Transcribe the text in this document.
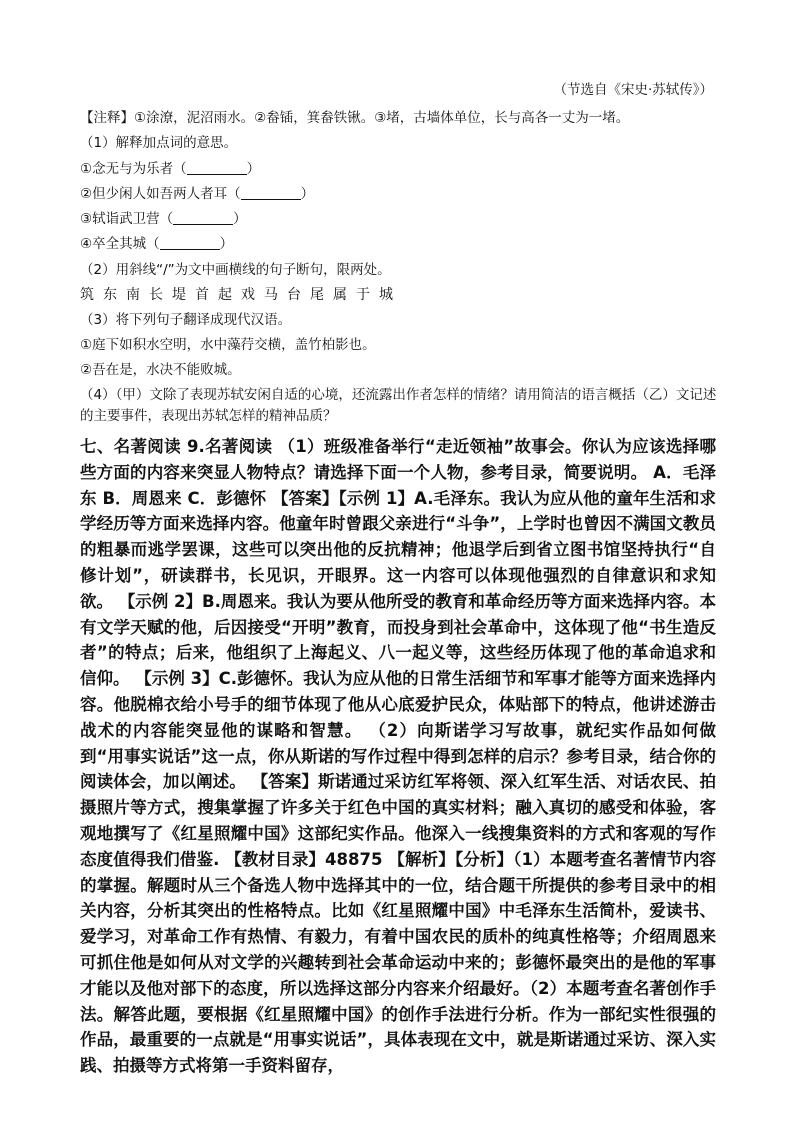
（节选自《宋史·苏轼传》）
【注释】①涂潦，泥沼雨水。②畚锸，箕畚铁锹。③堵，古墙体单位，长与高各一丈为一堵。
（1）解释加点词的意思。
①念无与为乐者（	）
②但少闲人如吾两人者耳（	）
③轼诣武卫营（	）
④卒全其城（	）
（2）用斜线“/”为文中画横线的句子断句，限两处。
筑东南长堤首起戏马台尾属于城
（3）将下列句子翻译成现代汉语。
①庭下如积水空明，水中藻荇交横，盖竹柏影也。
②吾在是，水决不能败城。
（4）（甲）文除了表现苏轼安闲自适的心境，还流露出作者怎样的情绪？请用简洁的语言概括（乙）文记述的主要事件，表现出苏轼怎样的精神品质？
七、名著阅读 9.名著阅读 （1）班级准备举行“走近领袖”故事会。你认为应该选择哪些方面的内容来突显人物特点？请选择下面一个人物，参考目录，简要说明。 A．毛泽东 B．周恩来 C．彭德怀 【答案】【示例 1】A.毛泽东。我认为应从他的童年生活和求学经历等方面来选择内容。他童年时曾跟父亲进行“斗争”，上学时也曾因不满国文教员的粗暴而逃学罢课，这些可以突出他的反抗精神；他退学后到省立图书馆坚持执行“自修计划”，研读群书，长见识，开眼界。这一内容可以体现他强烈的自律意识和求知欲。 【示例 2】B.周恩来。我认为要从他所受的教育和革命经历等方面来选择内容。本有文学天赋的他，后因接受“开明”教育，而投身到社会革命中，这体现了他“书生造反者”的特点；后来，他组织了上海起义、八一起义等，这些经历体现了他的革命追求和信仰。 【示例 3】C.彭德怀。我认为应从他的日常生活细节和军事才能等方面来选择内容。他脱棉衣给小号手的细节体现了他从心底爱护民众，体贴部下的特点，他讲述游击战术的内容能突显他的谋略和智慧。 （2）向斯诺学习写故事，就纪实作品如何做到“用事实说话”这一点，你从斯诺的写作过程中得到怎样的启示？参考目录，结合你的阅读体会，加以阐述。 【答案】斯诺通过采访红军将领、深入红军生活、对话农民、拍摄照片等方式，搜集掌握了许多关于红色中国的真实材料；融入真切的感受和体验，客观地撰写了《红星照耀中国》这部纪实作品。他深入一线搜集资料的方式和客观的写作态度值得我们借鉴. 【教材目录】48875 【解析】【分析】（1）本题考查名著情节内容的掌握。解题时从三个备选人物中选择其中的一位，结合题干所提供的参考目录中的相关内容，分析其突出的性格特点。比如《红星照耀中国》中毛泽东生活简朴，爱读书、爱学习，对革命工作有热情、有毅力，有着中国农民的质朴的纯真性格等；介绍周恩来可抓住他是如何从对文学的兴趣转到社会革命运动中来的；彭德怀最突出的是他的军事才能以及他对部下的态度，所以选择这部分内容来介绍最好。（2）本题考查名著创作手法。解答此题，要根据《红星照耀中国》的创作手法进行分析。作为一部纪实性很强的作品，最重要的一点就是“用事实说话”，具体表现在文中，就是斯诺通过采访、深入实践、拍摄等方式将第一手资料留存，
